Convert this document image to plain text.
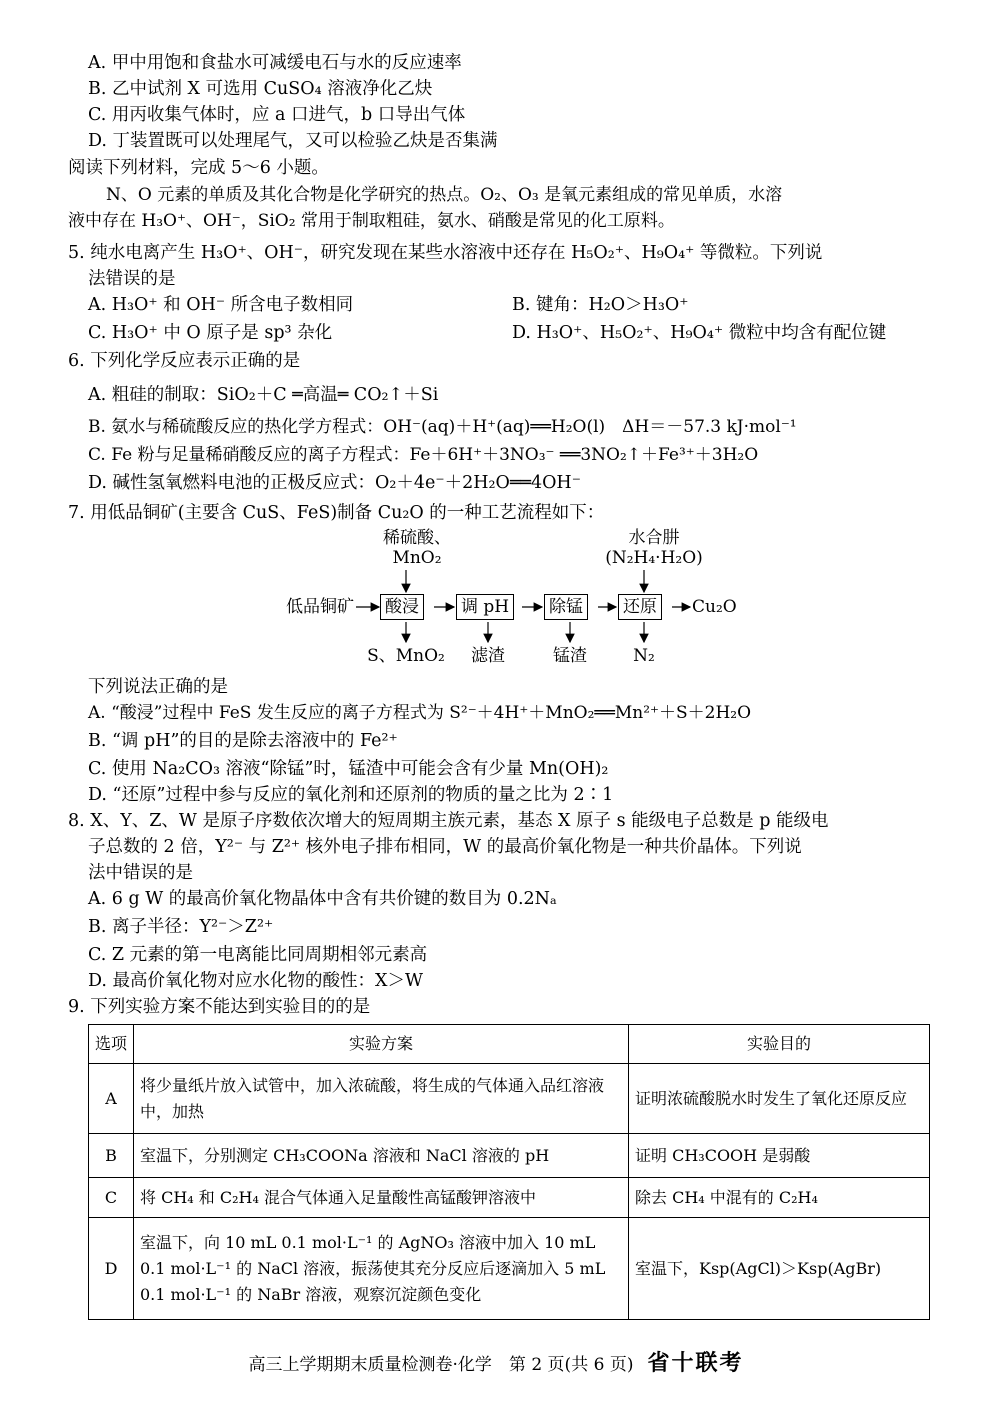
A. 甲中用饱和食盐水可减缓电石与水的反应速率
B. 乙中试剂 X 可选用 CuSO₄ 溶液净化乙炔
C. 用丙收集气体时，应 a 口进气，b 口导出气体
D. 丁装置既可以处理尾气，又可以检验乙炔是否集满
阅读下列材料，完成 5～6 小题。
N、O 元素的单质及其化合物是化学研究的热点。O₂、O₃ 是氧元素组成的常见单质，水溶
液中存在 H₃O⁺、OH⁻，SiO₂ 常用于制取粗硅，氨水、硝酸是常见的化工原料。
5. 纯水电离产生 H₃O⁺、OH⁻，研究发现在某些水溶液中还存在 H₅O₂⁺、H₉O₄⁺ 等微粒。下列说
法错误的是
A. H₃O⁺ 和 OH⁻ 所含电子数相同	B. 键角：H₂O＞H₃O⁺
C. H₃O⁺ 中 O 原子是 sp³ 杂化	D. H₃O⁺、H₅O₂⁺、H₉O₄⁺ 微粒中均含有配位键
6. 下列化学反应表示正确的是
A. 粗硅的制取：SiO₂＋C ═高温═ CO₂↑＋Si
B. 氨水与稀硫酸反应的热化学方程式：OH⁻(aq)＋H⁺(aq)══H₂O(l)　ΔH＝－57.3 kJ·mol⁻¹
C. Fe 粉与足量稀硝酸反应的离子方程式：Fe＋6H⁺＋3NO₃⁻ ══3NO₂↑＋Fe³⁺＋3H₂O
D. 碱性氢氧燃料电池的正极反应式：O₂＋4e⁻＋2H₂O══4OH⁻
7. 用低品铜矿(主要含 CuS、FeS)制备 Cu₂O 的一种工艺流程如下：
稀硫酸、
MnO₂
水合肼
(N₂H₄·H₂O)
低品铜矿 酸浸 调 pH 除锰 还原 Cu₂O
S、MnO₂	滤渣	锰渣	N₂
下列说法正确的是
A. “酸浸”过程中 FeS 发生反应的离子方程式为 S²⁻＋4H⁺＋MnO₂══Mn²⁺＋S＋2H₂O
B. “调 pH”的目的是除去溶液中的 Fe²⁺
C. 使用 Na₂CO₃ 溶液“除锰”时，锰渣中可能会含有少量 Mn(OH)₂
D. “还原”过程中参与反应的氧化剂和还原剂的物质的量之比为 2∶1
8. X、Y、Z、W 是原子序数依次增大的短周期主族元素，基态 X 原子 s 能级电子总数是 p 能级电
子总数的 2 倍，Y²⁻ 与 Z²⁺ 核外电子排布相同，W 的最高价氧化物是一种共价晶体。下列说
法中错误的是
A. 6 g W 的最高价氧化物晶体中含有共价键的数目为 0.2Nₐ
B. 离子半径：Y²⁻＞Z²⁺
C. Z 元素的第一电离能比同周期相邻元素高
D. 最高价氧化物对应水化物的酸性：X＞W
9. 下列实验方案不能达到实验目的的是
选项	实验方案	实验目的
A	将少量纸片放入试管中，加入浓硫酸，将生成的气体通入品红溶液中，加热	证明浓硫酸脱水时发生了氧化还原反应
B	室温下，分别测定 CH₃COONa 溶液和 NaCl 溶液的 pH	证明 CH₃COOH 是弱酸
C	将 CH₄ 和 C₂H₄ 混合气体通入足量酸性高锰酸钾溶液中	除去 CH₄ 中混有的 C₂H₄
D	室温下，向 10 mL 0.1 mol·L⁻¹ 的 AgNO₃ 溶液中加入 10 mL 0.1 mol·L⁻¹ 的 NaCl 溶液，振荡使其充分反应后逐滴加入 5 mL 0.1 mol·L⁻¹ 的 NaBr 溶液，观察沉淀颜色变化	室温下，Ksp(AgCl)＞Ksp(AgBr)
高三上学期期末质量检测卷·化学　第 2 页(共 6 页) 省十联考
